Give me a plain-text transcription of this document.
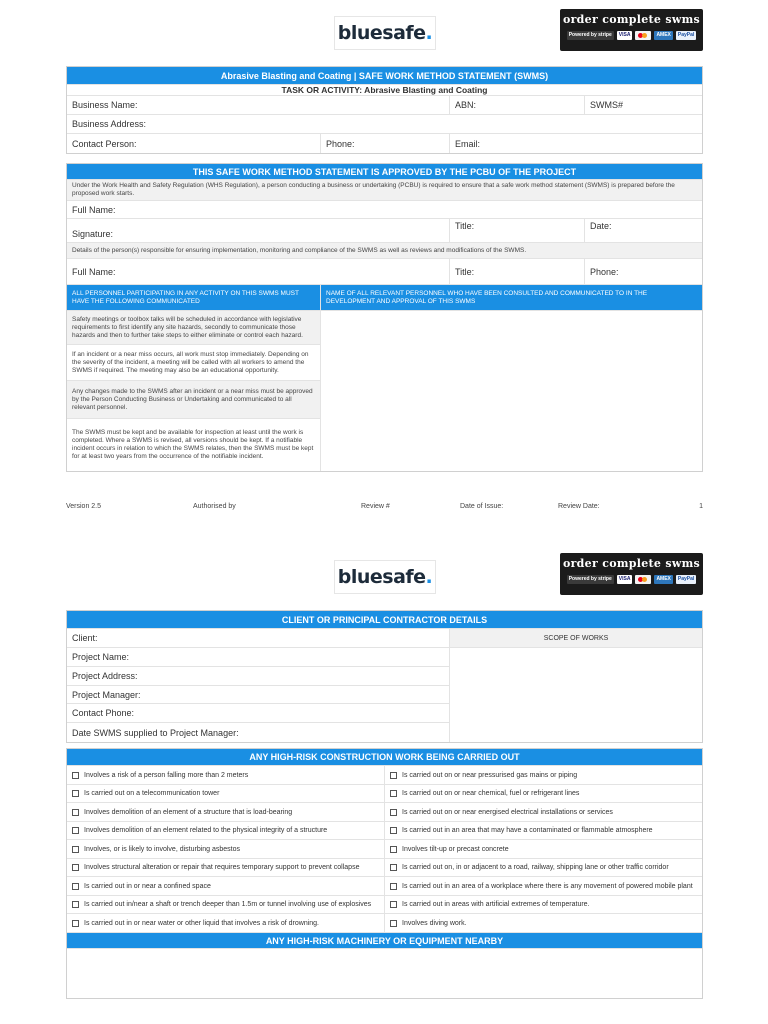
bluesafe .
order complete swms
Powered by stripe	VISA	AMEX	PayPal
Abrasive Blasting and Coating | SAFE WORK METHOD STATEMENT (SWMS)
TASK OR ACTIVITY: Abrasive Blasting and Coating
Business Name:	ABN:	SWMS#
Business Address:
Contact Person:	Phone:	Email:
THIS SAFE WORK METHOD STATEMENT IS APPROVED BY THE PCBU OF THE PROJECT
Under the Work Health and Safety Regulation (WHS Regulation), a person conducting a business or undertaking (PCBU) is required to ensure that a safe work method statement (SWMS) is prepared before the proposed work starts.
Full Name:
Signature:
Title:	Date:
Details of the person(s) responsible for ensuring implementation, monitoring and compliance of the SWMS as well as reviews and modifications of the SWMS.
Full Name:	Title:	Phone:
ALL PERSONNEL PARTICIPATING IN ANY ACTIVITY ON THIS SWMS MUST HAVE THE FOLLOWING COMMUNICATED
NAME OF ALL RELEVANT PERSONNEL WHO HAVE BEEN CONSULTED AND COMMUNICATED TO IN THE DEVELOPMENT AND APPROVAL OF THIS SWMS
Safety meetings or toolbox talks will be scheduled in accordance with legislative requirements to first identify any site hazards, secondly to communicate those hazards and then to further take steps to either eliminate or control each hazard.
If an incident or a near miss occurs, all work must stop immediately. Depending on the severity of the incident, a meeting will be called with all workers to amend the SWMS if required. The meeting may also be an educational opportunity.
Any changes made to the SWMS after an incident or a near miss must be approved by the Person Conducting Business or Undertaking and communicated to all relevant personnel.
The SWMS must be kept and be available for inspection at least until the work is completed. Where a SWMS is revised, all versions should be kept. If a notifiable incident occurs in relation to which the SWMS relates, then the SWMS must be kept for at least two years from the occurrence of the notifiable incident.
Version 2.5	Authorised by	Review #	Date of Issue:	Review Date:	1
bluesafe .
order complete swms
Powered by stripe	VISA	AMEX	PayPal
CLIENT OR PRINCIPAL CONTRACTOR DETAILS
Client:
Project Name:
Project Address:
Project Manager:
Contact Phone:
Date SWMS supplied to Project Manager:
SCOPE OF WORKS
ANY HIGH-RISK CONSTRUCTION WORK BEING CARRIED OUT
Involves a risk of a person falling more than 2 meters	Is carried out on or near pressurised gas mains or piping
Is carried out on a telecommunication tower	Is carried out on or near chemical, fuel or refrigerant lines
Involves demolition of an element of a structure that is load-bearing	Is carried out on or near energised electrical installations or services
Involves demolition of an element related to the physical integrity of a structure	Is carried out in an area that may have a contaminated or flammable atmosphere
Involves, or is likely to involve, disturbing asbestos	Involves tilt-up or precast concrete
Involves structural alteration or repair that requires temporary support to prevent collapse	Is carried out on, in or adjacent to a road, railway, shipping lane or other traffic corridor
Is carried out in or near a confined space	Is carried out in an area of a workplace where there is any movement of powered mobile plant
Is carried out in/near a shaft or trench deeper than 1.5m or tunnel involving use of explosives	Is carried out in areas with artificial extremes of temperature.
Is carried out in or near water or other liquid that involves a risk of drowning.	Involves diving work.
ANY HIGH-RISK MACHINERY OR EQUIPMENT NEARBY
